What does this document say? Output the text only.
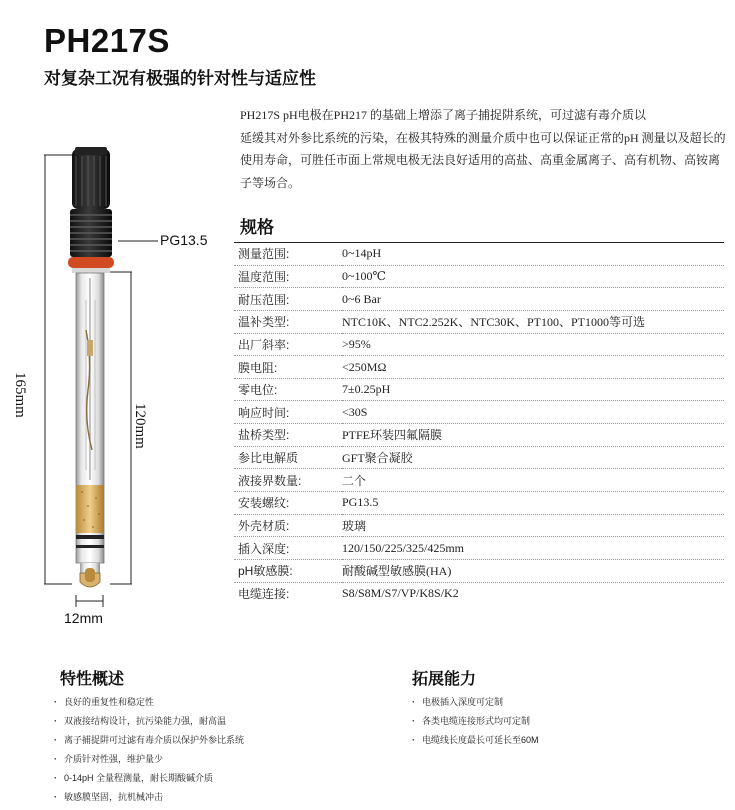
PH217S
对复杂工况有极强的针对性与适应性

PH217S pH电极在PH217 的基础上增添了离子捕捉阱系统，可过滤有毒介质以

延缓其对外参比系统的污染，在极其特殊的测量介质中也可以保证正常的pH 测量以及超长的使用寿命，可胜任市面上常规电极无法良好适用的高盐、高重金属离子、高有机物、高铵离子等场合。

PG13.5
165mm
120mm
12mm
规格
测量范围:	0~14pH
温度范围:	0~100℃
耐压范围:	0~6 Bar
温补类型:	NTC10K、NTC2.252K、NTC30K、PT100、PT1000等可选
出厂斜率:	>95%
膜电阻:	<250MΩ
零电位:	7±0.25pH
响应时间:	<30S
盐桥类型:	PTFE环装四氟隔膜
参比电解质	GFT聚合凝胶
液接界数量:	二个
安装螺纹:	PG13.5
外壳材质:	玻璃
插入深度:	120/150/225/325/425mm
pH敏感膜:	耐酸碱型敏感膜(HA)
电缆连接:	S8/S8M/S7/VP/K8S/K2
特性概述
· 良好的重复性和稳定性
· 双液接结构设计，抗污染能力强，耐高温
· 离子捕捉阱可过滤有毒介质以保护外参比系统
· 介质针对性强，维护量少
· 0-14pH 全量程测量，耐长期酸碱介质
· 敏感膜坚固，抗机械冲击
拓展能力
· 电极插入深度可定制
· 各类电缆连接形式均可定制
· 电缆线长度最长可延长至60M
